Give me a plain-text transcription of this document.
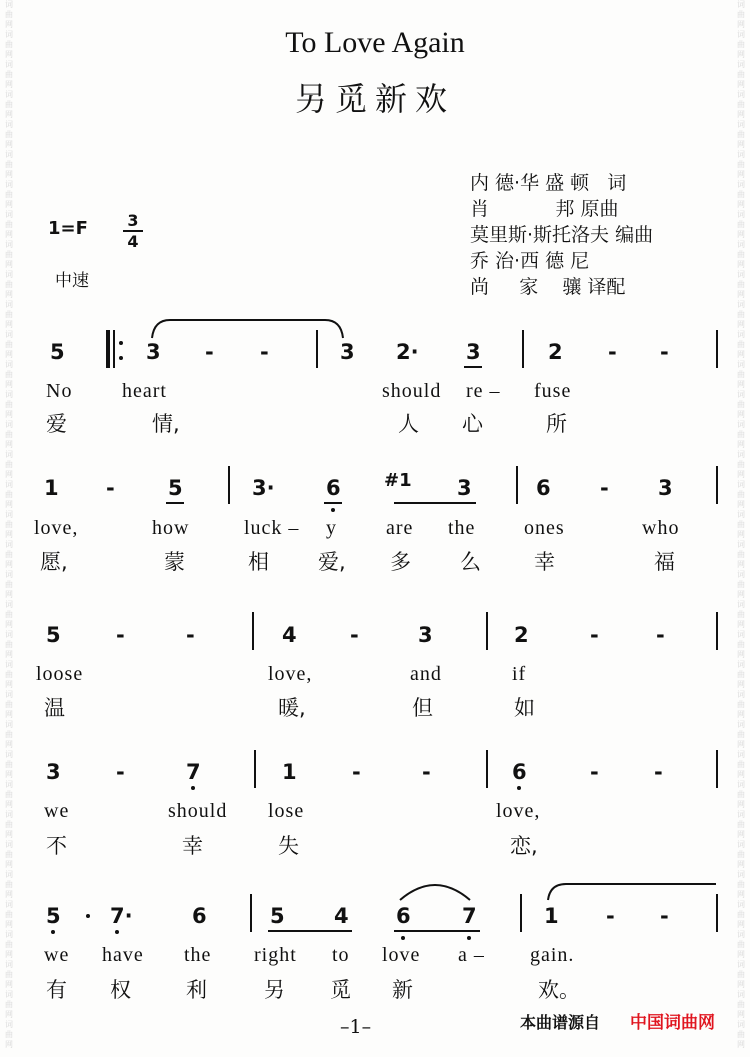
词曲网词曲网词曲网词曲网词曲网词曲网词曲网词曲网词曲网词曲网词曲网词曲网词曲网词曲网词曲网词曲网词曲网词曲网词曲网词曲网词曲网词曲网词曲网词曲网词曲网词曲网词曲网词曲网词曲网词曲网词曲网词曲网词曲网词曲网词曲网
词曲网词曲网词曲网词曲网词曲网词曲网词曲网词曲网词曲网词曲网词曲网词曲网词曲网词曲网词曲网词曲网词曲网词曲网词曲网词曲网词曲网词曲网词曲网词曲网词曲网词曲网词曲网词曲网词曲网词曲网词曲网词曲网词曲网词曲网词曲网
To Love Again
另觅新欢
内 德·华 盛 顿   词
肖           邦 原曲
莫里斯·斯托洛夫 编曲
乔 治·西 德 尼
尚     家    骧 译配
1=F 3
4
中速
5	3 - -	3 2· 3	2 - -
No heart	should re – fuse
爱	情,	人 心	所
1 -	5	3· 6 #1 3	6 - 3
love,	how	luck – y are the ones	who
愿,	蒙	相 爱, 多 么	幸	福
5	-	-	4	-	3	2	-	-
loose	love,	and	if
温	暖,	但	如
3	-	7	1	-	-	6	-	-
we	should lose	love,
不	幸	失	恋,
5 7·	6	5 4 6 7	1 - -
we have the right to love a – gain.
有 权	利	另 觅 新	欢。
–1–	本曲谱源自 中国词曲网
